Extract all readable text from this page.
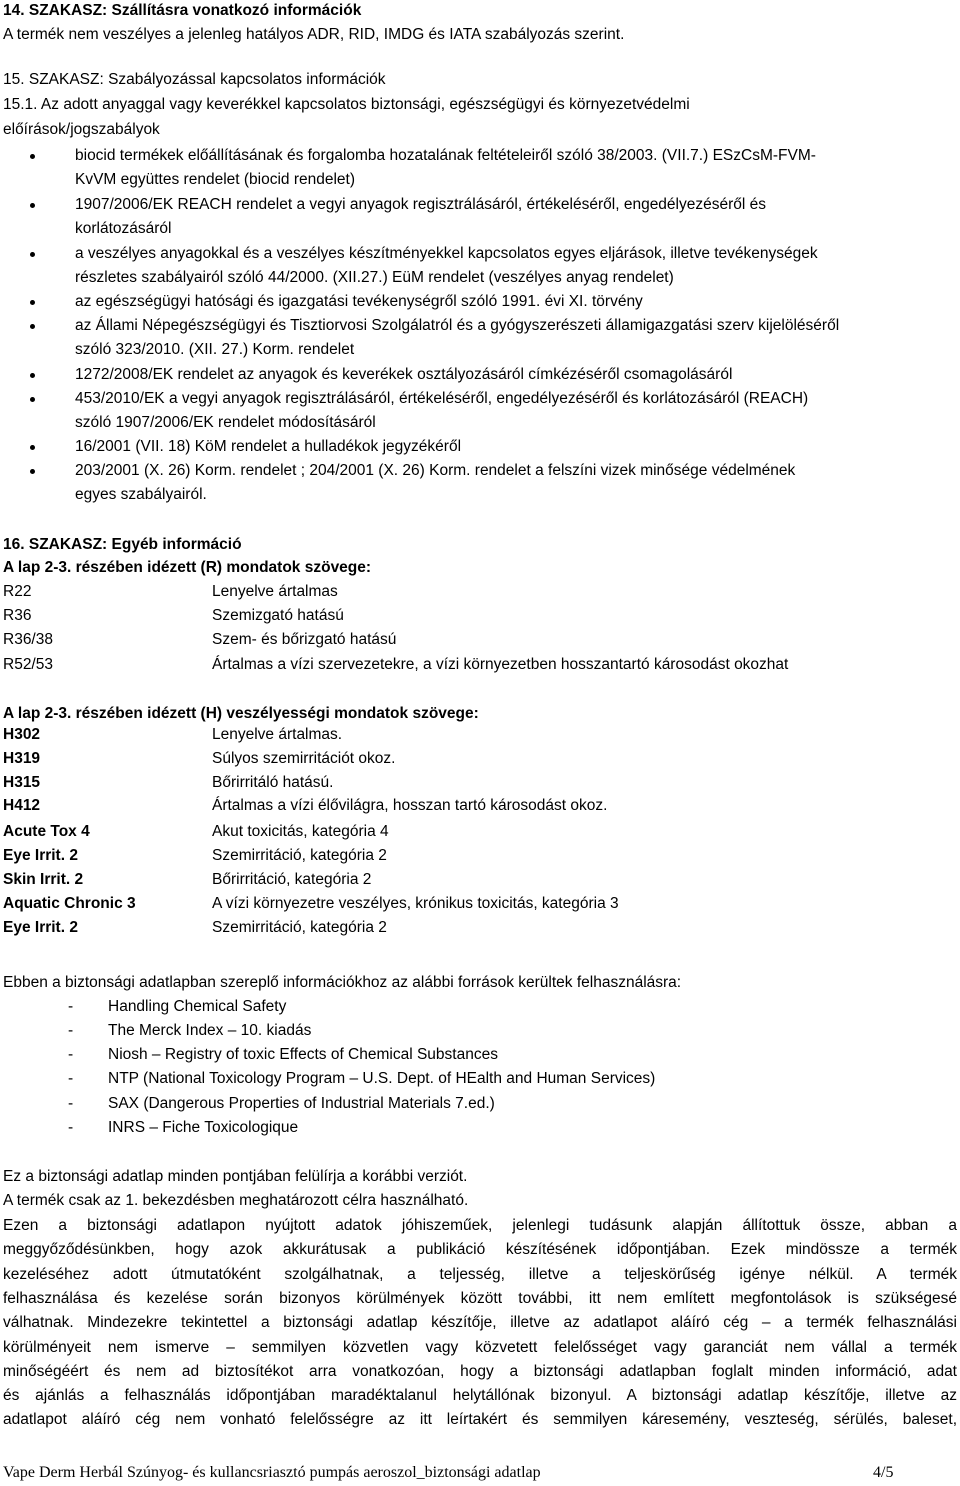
14. SZAKASZ: Szállításra vonatkozó információk
A termék nem veszélyes a jelenleg hatályos ADR, RID, IMDG és IATA szabályozás szerint.
15. SZAKASZ: Szabályozással kapcsolatos információk
15.1. Az adott anyaggal vagy keverékkel kapcsolatos biztonsági, egészségügyi és környezetvédelmi
előírások/jogszabályok
biocid termékek előállításának és forgalomba hozatalának feltételeiről szóló 38/2003. (VII.7.) ESzCsM-FVM-
KvVM együttes rendelet (biocid rendelet)
1907/2006/EK REACH rendelet a vegyi anyagok regisztrálásáról, értékeléséről, engedélyezéséről és
korlátozásáról
a veszélyes anyagokkal és a veszélyes készítményekkel kapcsolatos egyes eljárások, illetve tevékenységek
részletes szabályairól szóló 44/2000. (XII.27.) EüM rendelet (veszélyes anyag rendelet)
az egészségügyi hatósági és igazgatási tevékenységről szóló 1991. évi XI. törvény
az Állami Népegészségügyi és Tisztiorvosi Szolgálatról és a gyógyszerészeti államigazgatási szerv kijelöléséről
szóló 323/2010. (XII. 27.) Korm. rendelet
1272/2008/EK rendelet az anyagok és keverékek osztályozásáról címkézéséről csomagolásáról
453/2010/EK a vegyi anyagok regisztrálásáról, értékeléséről, engedélyezéséről és korlátozásáról (REACH)
szóló 1907/2006/EK rendelet módosításáról
16/2001 (VII. 18) KöM rendelet a hulladékok jegyzékéről
203/2001 (X. 26) Korm. rendelet ; 204/2001 (X. 26) Korm. rendelet a felszíni vizek minősége védelmének
egyes szabályairól.
16. SZAKASZ: Egyéb információ
A lap 2-3. részében idézett (R) mondatok szövege:
R22	Lenyelve ártalmas
R36	Szemizgató hatású
R36/38	Szem- és bőrizgató hatású
R52/53	Ártalmas a vízi szervezetekre, a vízi környezetben hosszantartó károsodást okozhat
A lap 2-3. részében idézett (H) veszélyességi mondatok szövege:
H302	Lenyelve ártalmas.
H319	Súlyos szemirritációt okoz.
H315	Bőrirritáló hatású.
H412	Ártalmas a vízi élővilágra, hosszan tartó károsodást okoz.
Acute Tox 4	Akut toxicitás, kategória 4
Eye Irrit. 2	Szemirritáció, kategória 2
Skin Irrit. 2	Bőrirritáció, kategória 2
Aquatic Chronic 3	A vízi környezetre veszélyes, krónikus toxicitás, kategória 3
Eye Irrit. 2	Szemirritáció, kategória 2
Ebben a biztonsági adatlapban szereplő információkhoz az alábbi források kerültek felhasználásra:
- Handling Chemical Safety
- The Merck Index – 10. kiadás
- Niosh – Registry of toxic Effects of Chemical Substances
- NTP (National Toxicology Program – U.S. Dept. of HEalth and Human Services)
- SAX (Dangerous Properties of Industrial Materials 7.ed.)
- INRS – Fiche Toxicologique
Ez a biztonsági adatlap minden pontjában felülírja a korábbi verziót.
A termék csak az 1. bekezdésben meghatározott célra használható.
Ezen a biztonsági adatlapon nyújtott adatok jóhiszeműek, jelenlegi tudásunk alapján állítottuk össze, abban a
meggyőződésünkben, hogy azok akkurátusak a publikáció készítésének időpontjában. Ezek mindössze a termék
kezeléséhez adott útmutatóként szolgálhatnak, a teljesség, illetve a teljeskörűség igénye nélkül. A termék
felhasználása és kezelése során bizonyos körülmények között további, itt nem említett megfontolások is szükségesé
válhatnak. Mindezekre tekintettel a biztonsági adatlap készítője, illetve az adatlapot aláíró cég – a termék felhasználási
körülményeit nem ismerve – semmilyen közvetlen vagy közvetett felelősséget vagy garanciát nem vállal a termék
minőségéért és nem ad biztosítékot arra vonatkozóan, hogy a biztonsági adatlapban foglalt minden információ, adat
és ajánlás a felhasználás időpontjában maradéktalanul helytállónak bizonyul. A biztonsági adatlap készítője, illetve az
adatlapot aláíró cég nem vonható felelősségre az itt leírtakért és semmilyen káresemény, veszteség, sérülés, baleset,
Vape Derm Herbál Szúnyog- és kullancsriasztó pumpás aeroszol_biztonsági adatlap	4/5
